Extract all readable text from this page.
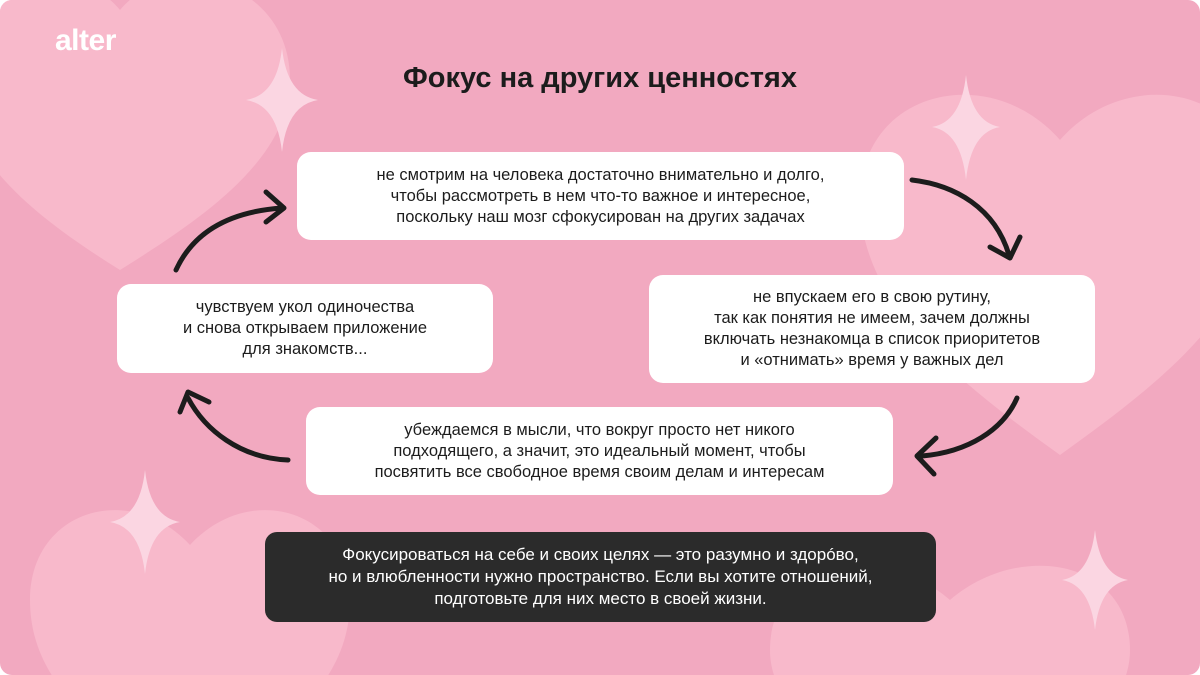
alter
Фокус на других ценностях
не смотрим на человека достаточно внимательно и долго,
чтобы рассмотреть в нем что-то важное и интересное,
поскольку наш мозг сфокусирован на других задачах
не впускаем его в свою рутину,
так как понятия не имеем, зачем должны
включать незнакомца в список приоритетов
и «отнимать» время у важных дел
убеждаемся в мысли, что вокруг просто нет никого
подходящего, а значит, это идеальный момент, чтобы
посвятить все свободное время своим делам и интересам
чувствуем укол одиночества
и снова открываем приложение
для знакомств...
Фокусироваться на себе и своих целях — это разумно и здорóво,
но и влюбленности нужно пространство. Если вы хотите отношений,
подготовьте для них место в своей жизни.
